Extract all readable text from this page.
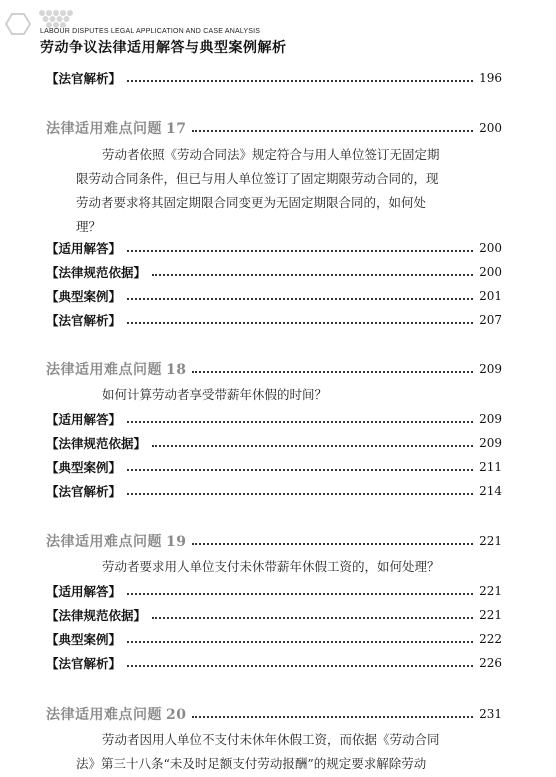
LABOUR DISPUTES LEGAL APPLICATION AND CASE ANALYSIS
劳动争议法律适用解答与典型案例解析
【法官解析】	196
法律适用难点问题 17	200
劳动者依照《劳动合同法》规定符合与用人单位签订无固定期
限劳动合同条件，但已与用人单位签订了固定期限劳动合同的，现
劳动者要求将其固定期限合同变更为无固定期限合同的，如何处
理？
【适用解答】	200
【法律规范依据】	200
【典型案例】	201
【法官解析】	207
法律适用难点问题 18	209
如何计算劳动者享受带薪年休假的时间？
【适用解答】	209
【法律规范依据】	209
【典型案例】	211
【法官解析】	214
法律适用难点问题 19	221
劳动者要求用人单位支付未休带薪年休假工资的，如何处理？
【适用解答】	221
【法律规范依据】	221
【典型案例】	222
【法官解析】	226
法律适用难点问题 20	231
劳动者因用人单位不支付未休年休假工资，而依据《劳动合同
法》第三十八条“未及时足额支付劳动报酬”的规定要求解除劳动
